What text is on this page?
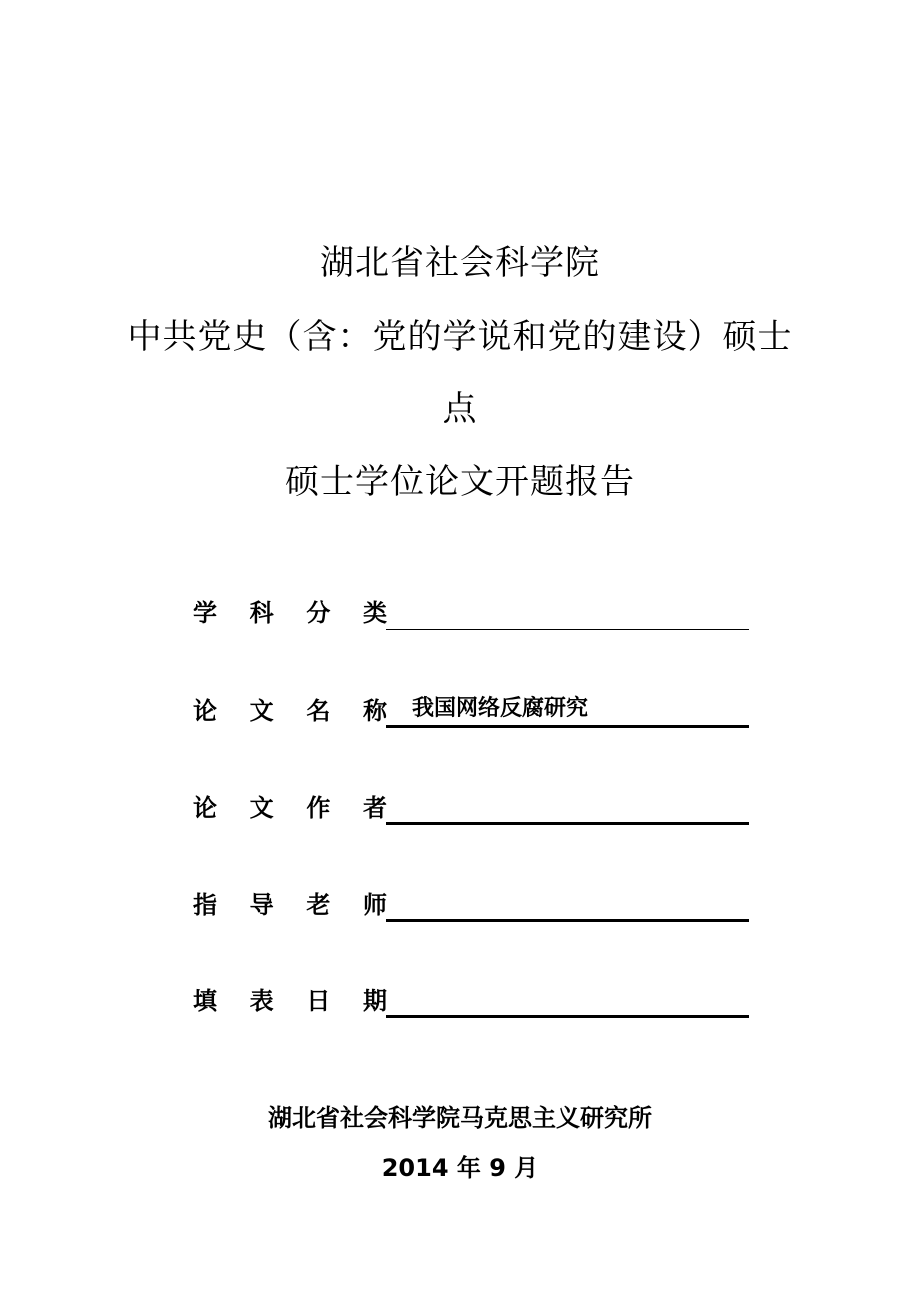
湖北省社会科学院
中共党史（含：党的学说和党的建设）硕士
点
硕士学位论文开题报告
学 科 分 类
论 文 名 称 我国网络反腐研究
论 文 作 者
指 导 老 师
填 表 日 期
湖北省社会科学院马克思主义研究所
2014 年 9 月
